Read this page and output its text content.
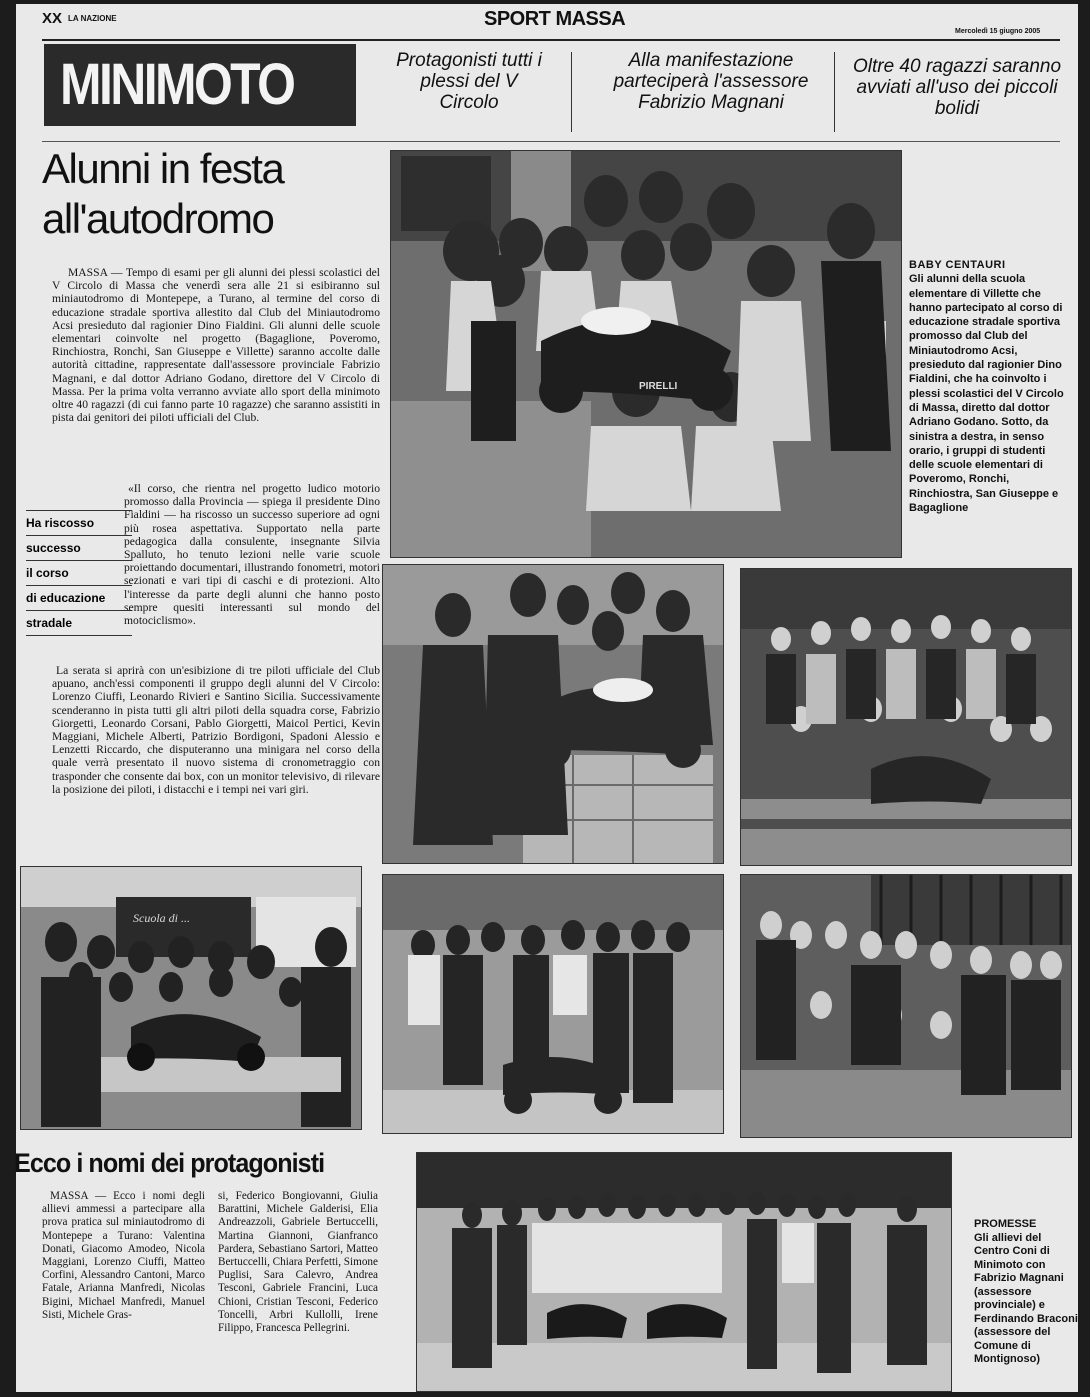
XX LA NAZIONE	SPORT MASSA
Mercoledì 15 giugno 2005
MINIMOTO	Protagonisti tutti i plessi del V Circolo
Alla manifestazione parteciperà l'assessore Fabrizio Magnani
Oltre 40 ragazzi saranno avviati all'uso dei piccoli bolidi
Alunni in festa
all'autodromo
MASSA — Tempo di esami per gli alunni dei plessi scolastici del V Circolo di Massa che venerdì sera alle 21 si esibiranno sul miniautodromo di Montepepe, a Turano, al termine del corso di educazione stradale sportiva allestito dal Club del Miniautodromo Acsi presieduto dal ragionier Dino Fialdini. Gli alunni delle scuole elementari coinvolte nel progetto (Bagaglione, Poveromo, Rinchiostra, Ronchi, San Giuseppe e Villette) saranno accolte dalle autorità cittadine, rappresentate dall'assessore provinciale Fabrizio Magnani, e dal dottor Adriano Godano, direttore del V Circolo di Massa. Per la prima volta verranno avviate allo sport della minimoto oltre 40 ragazzi (di cui fanno parte 10 ragazze) che saranno assistiti in pista dai genitori dei piloti ufficiali del Club.
«Il corso, che rientra nel progetto ludico motorio promosso dalla Provincia — spiega il presidente Dino Fialdini — ha riscosso un successo superiore ad ogni più rosea aspettativa. Supportato nella parte pedagogica dalla consulente, insegnante Silvia Spalluto, ho tenuto lezioni nelle varie scuole proiettando documentari, illustrando fonometri, motori sezionati e vari tipi di caschi e di protezioni. Alto l'interesse da parte degli alunni che hanno posto sempre quesiti interessanti sul mondo del motociclismo».
Ha riscosso
successo
il corso
di educazione
stradale
La serata si aprirà con un'esibizione di tre piloti ufficiale del Club apuano, anch'essi componenti il gruppo degli alunni del V Circolo: Lorenzo Ciuffi, Leonardo Rivieri e Santino Sicilia. Successivamente scenderanno in pista tutti gli altri piloti della squadra corse, Fabrizio Giorgetti, Leonardo Corsani, Pablo Giorgetti, Maicol Pertici, Kevin Maggiani, Michele Alberti, Patrizio Bordigoni, Spadoni Alessio e Lenzetti Riccardo, che disputeranno una minigara nel corso della quale verrà presentato il nuovo sistema di cronometraggio con trasponder che consente dai box, con un monitor televisivo, di rilevare la posizione dei piloti, i distacchi e i tempi nei vari giri.
PIRELLI
BABY CENTAURI
Gli alunni della scuola elementare di Villette che hanno partecipato al corso di educazione stradale sportiva promosso dal Club del Miniautodromo Acsi, presieduto dal ragionier Dino Fialdini, che ha coinvolto i plessi scolastici del V Circolo di Massa, diretto dal dottor Adriano Godano. Sotto, da sinistra a destra, in senso orario, i gruppi di studenti delle scuole elementari di Poveromo, Ronchi, Rinchiostra, San Giuseppe e Bagaglione
Scuola di ...
Ecco i nomi dei protagonisti
MASSA — Ecco i nomi degli allievi ammessi a partecipare alla prova pratica sul miniautodromo di Montepepe a Turano: Valentina Donati, Giacomo Amodeo, Nicola Maggiani, Lorenzo Ciuffi, Matteo Corfini, Alessandro Cantoni, Marco Fatale, Arianna Manfredi, Nicolas Bigini, Michael Manfredi, Manuel Sisti, Michele Gras-
si, Federico Bongiovanni, Giulia Barattini, Michele Galderisi, Elia Andreazzoli, Gabriele Bertuccelli, Martina Giannoni, Gianfranco Pardera, Sebastiano Sartori, Matteo Bertuccelli, Chiara Perfetti, Simone Puglisi, Sara Calevro, Andrea Tesconi, Gabriele Francini, Luca Chioni, Cristian Tesconi, Federico Toncelli, Arbri Kullolli, Irene Filippo, Francesca Pellegrini.
PROMESSE
Gli allievi del Centro Coni di Minimoto con Fabrizio Magnani (assessore provinciale) e Ferdinando Braconi (assessore del Comune di Montignoso)
